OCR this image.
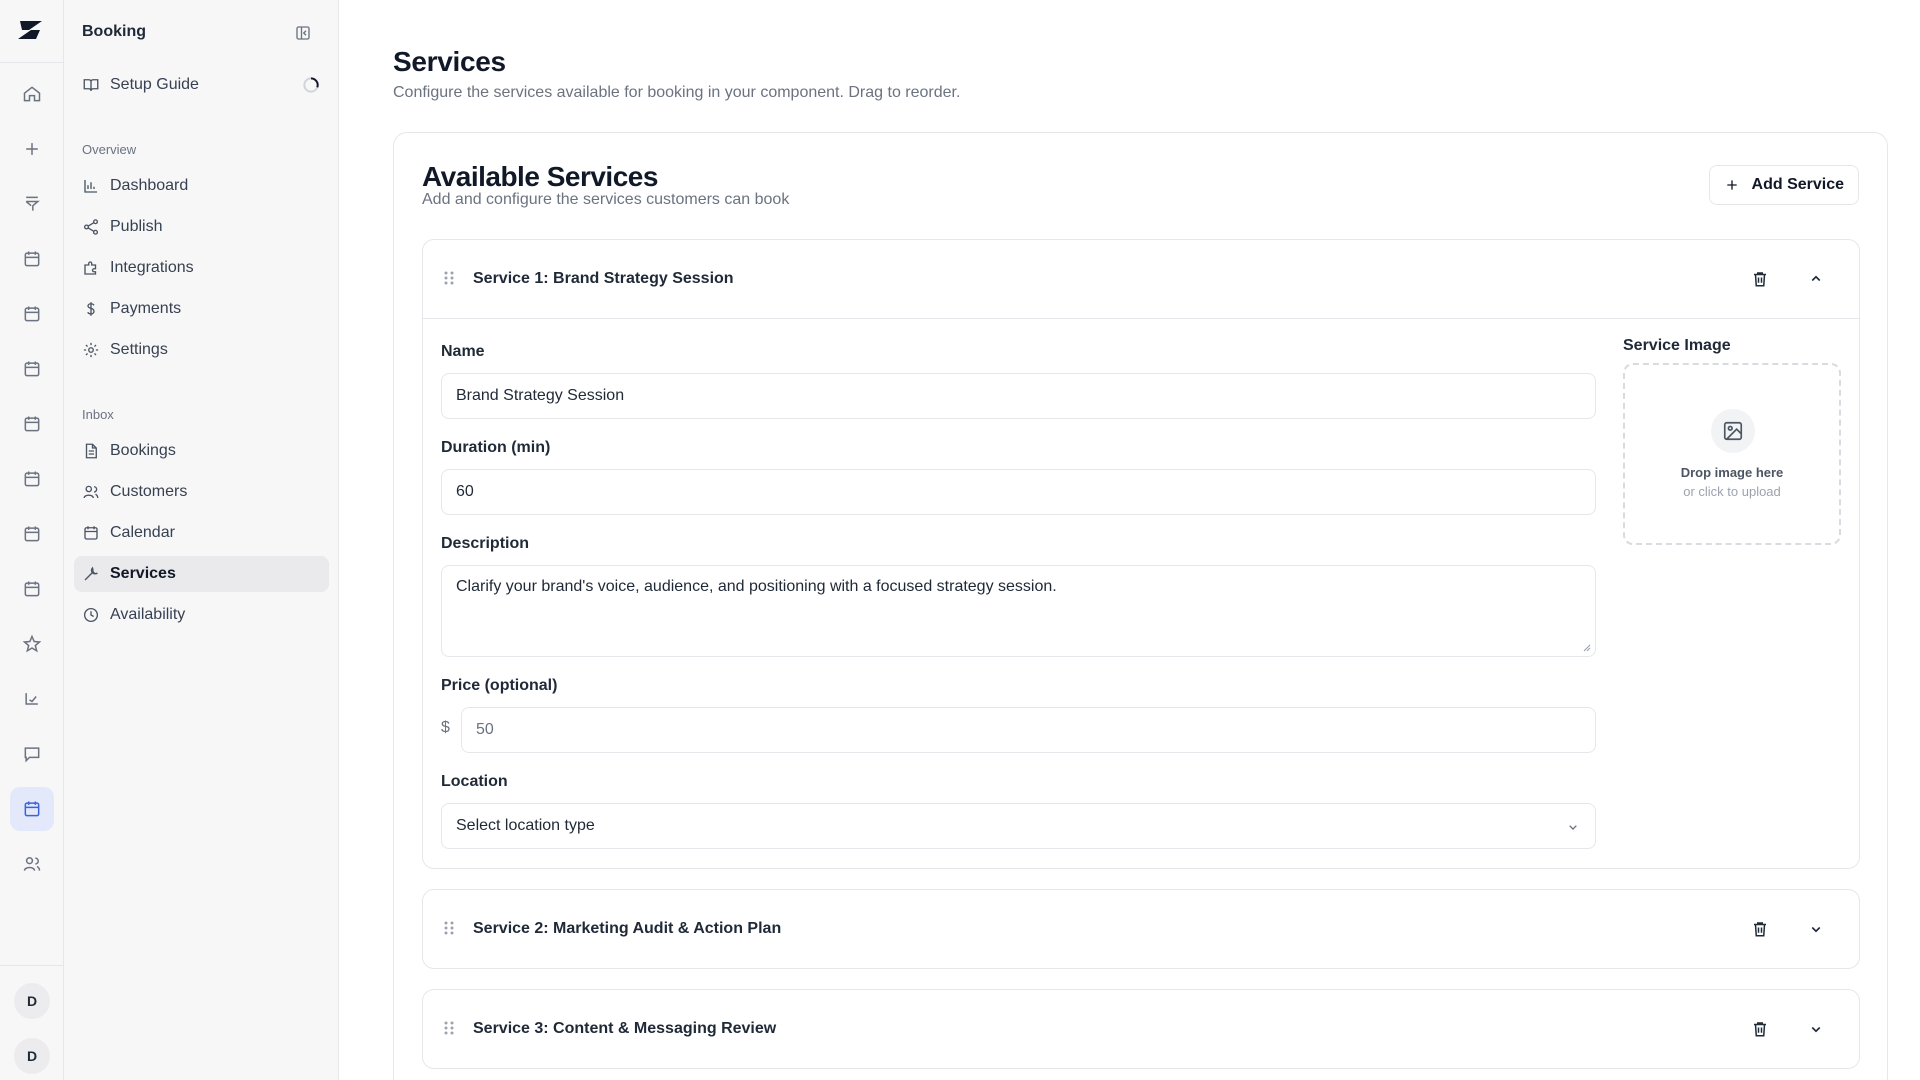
D
D
Booking
Setup Guide
Overview
Dashboard
Publish
Integrations
Payments
Settings
Inbox
Bookings
Customers
Calendar
Services
Availability
Services
Configure the services available for booking in your component. Drag to reorder.
Available Services
Add and configure the services customers can book
Add Service
Service 1: Brand Strategy Session
Name
Brand Strategy Session
Duration (min)
60
Description
Clarify your brand's voice, audience, and positioning with a focused strategy session.
Price (optional)
$ 50
Location
Select location type
Service Image
Drop image here
or click to upload
Service 2: Marketing Audit & Action Plan
Service 3: Content & Messaging Review
